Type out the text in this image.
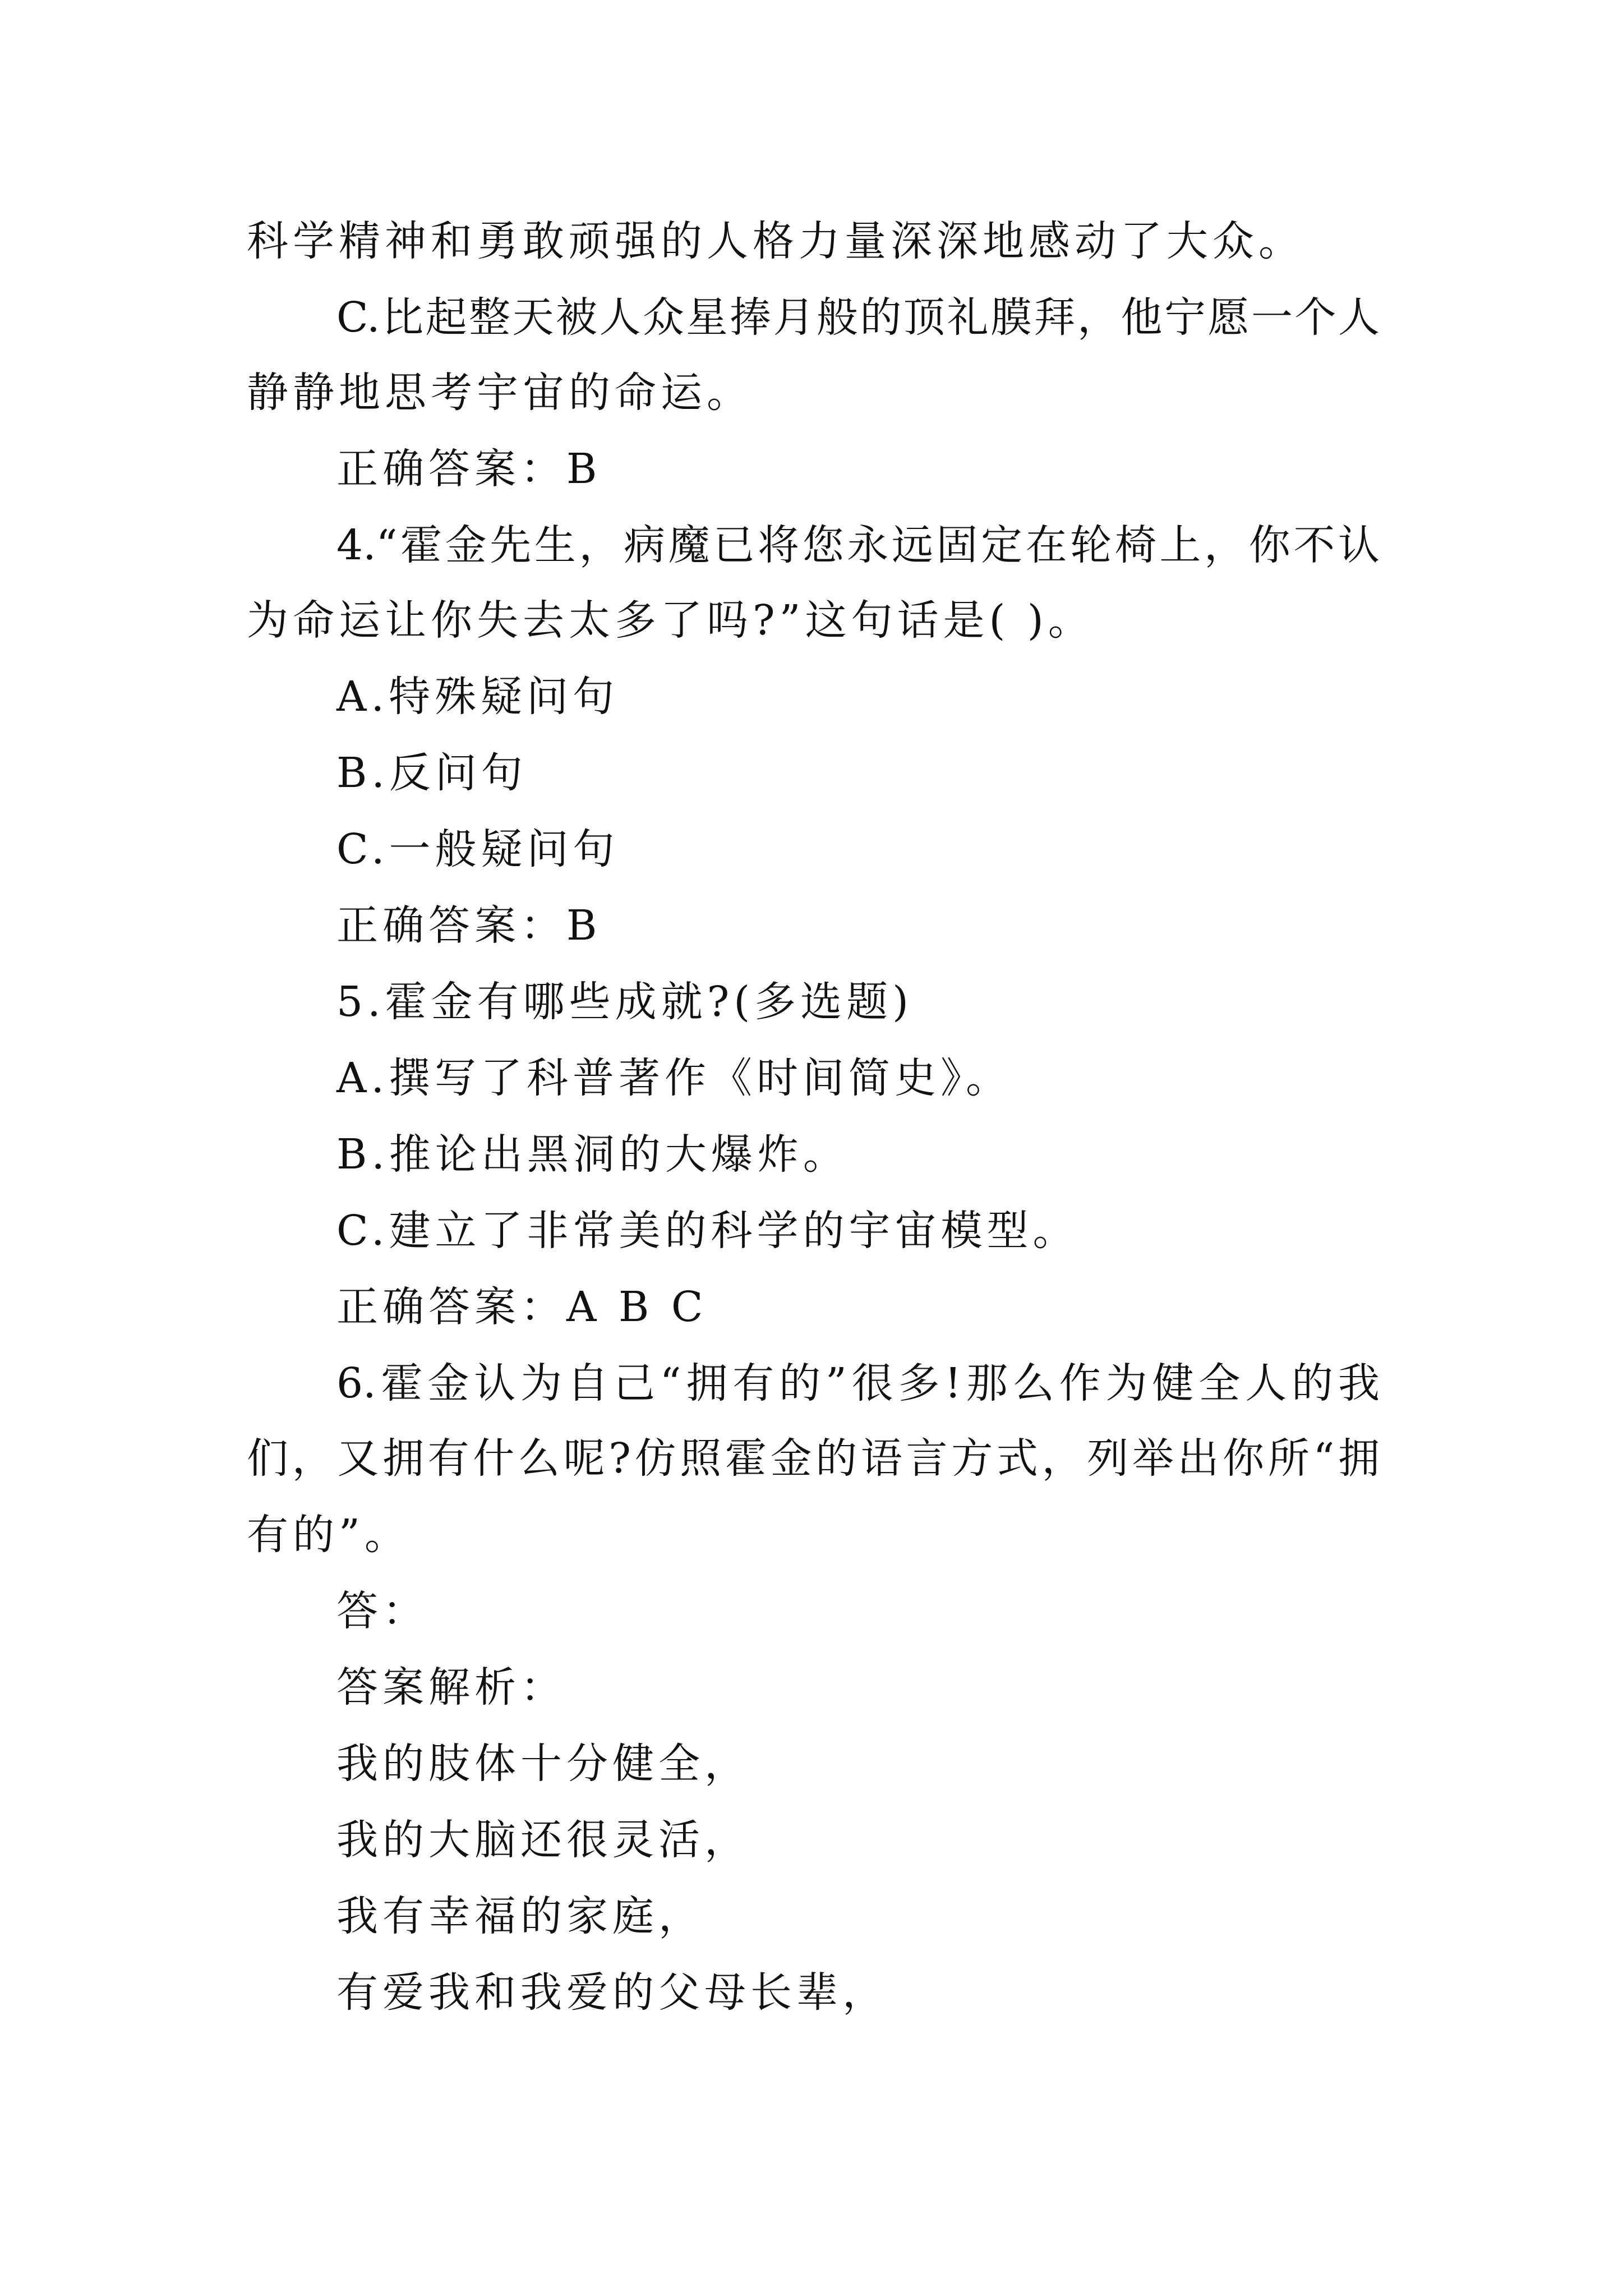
科学精神和勇敢顽强的人格力量深深地感动了大众。
C.比起整天被人众星捧月般的顶礼膜拜，他宁愿一个人
静静地思考宇宙的命运。
正确答案：B
4.“霍金先生，病魔已将您永远固定在轮椅上，你不认
为命运让你失去太多了吗?”这句话是( )。
A.特殊疑问句
B.反问句
C.一般疑问句
正确答案：B
5.霍金有哪些成就?(多选题)
A.撰写了科普著作《时间简史》。
B.推论出黑洞的大爆炸。
C.建立了非常美的科学的宇宙模型。
正确答案：A B C
6.霍金认为自己“拥有的”很多!那么作为健全人的我
们，又拥有什么呢?仿照霍金的语言方式，列举出你所“拥
有的”。
答：
答案解析：
我的肢体十分健全，
我的大脑还很灵活，
我有幸福的家庭，
有爱我和我爱的父母长辈，
